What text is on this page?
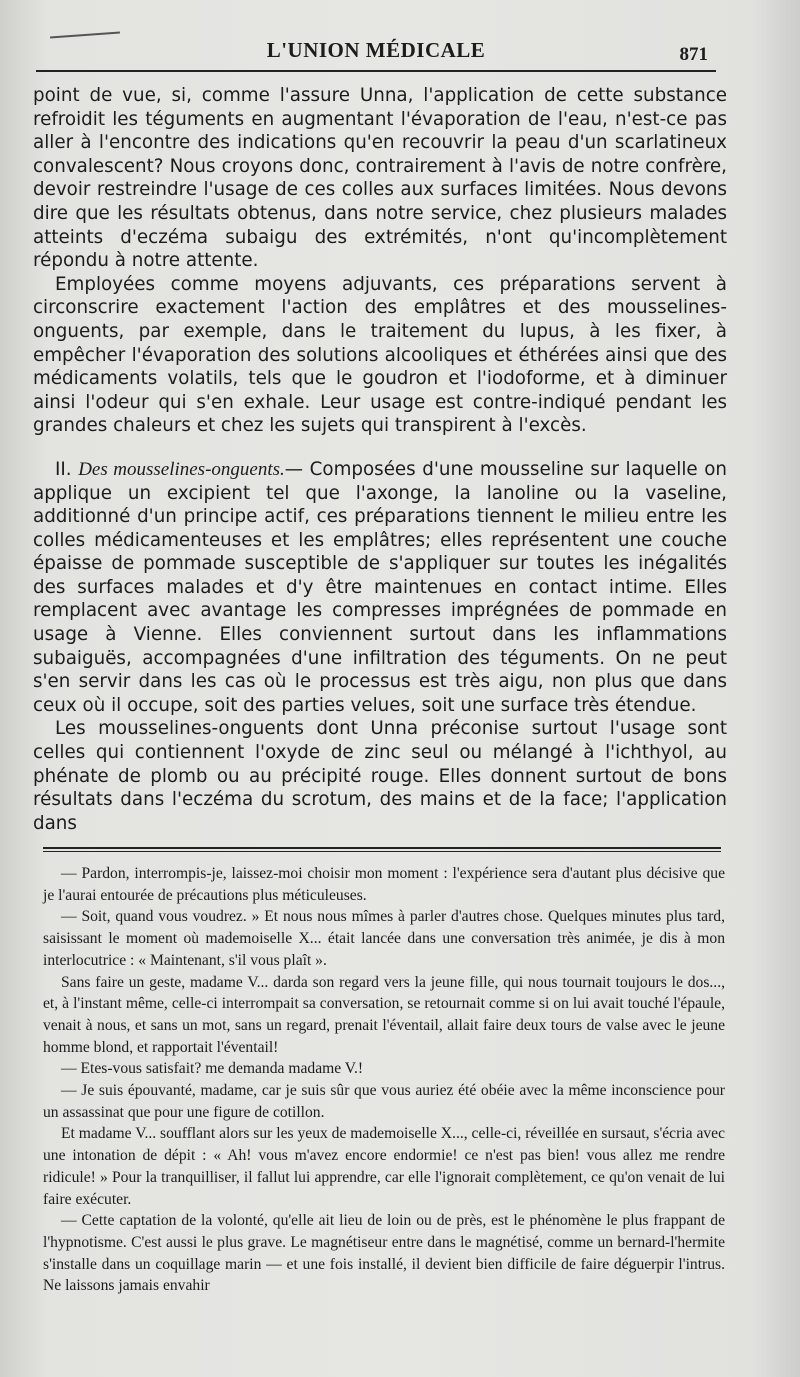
L'UNION MÉDICALE	871

point de vue, si, comme l'assure Unna, l'application de cette substance refroidit les téguments en augmentant l'évaporation de l'eau, n'est-ce pas aller à l'encontre des indications qu'en recouvrir la peau d'un scarlatineux convalescent? Nous croyons donc, contrairement à l'avis de notre confrère, devoir restreindre l'usage de ces colles aux surfaces limitées. Nous devons dire que les résultats obtenus, dans notre service, chez plusieurs malades atteints d'eczéma subaigu des extrémités, n'ont qu'incomplètement répondu à notre attente.

Employées comme moyens adjuvants, ces préparations servent à circonscrire exactement l'action des emplâtres et des mousselines-onguents, par exemple, dans le traitement du lupus, à les fixer, à empêcher l'évaporation des solutions alcooliques et éthérées ainsi que des médicaments volatils, tels que le goudron et l'iodoforme, et à diminuer ainsi l'odeur qui s'en exhale. Leur usage est contre-indiqué pendant les grandes chaleurs et chez les sujets qui transpirent à l'excès.

II. Des mousselines-onguents.— Composées d'une mousseline sur laquelle on applique un excipient tel que l'axonge, la lanoline ou la vaseline, additionné d'un principe actif, ces préparations tiennent le milieu entre les colles médicamenteuses et les emplâtres; elles représentent une couche épaisse de pommade susceptible de s'appliquer sur toutes les inégalités des surfaces malades et d'y être maintenues en contact intime. Elles remplacent avec avantage les compresses imprégnées de pommade en usage à Vienne. Elles conviennent surtout dans les inflammations subaiguës, accompagnées d'une infiltration des téguments. On ne peut s'en servir dans les cas où le processus est très aigu, non plus que dans ceux où il occupe, soit des parties velues, soit une surface très étendue.

Les mousselines-onguents dont Unna préconise surtout l'usage sont celles qui contiennent l'oxyde de zinc seul ou mélangé à l'ichthyol, au phénate de plomb ou au précipité rouge. Elles donnent surtout de bons résultats dans l'eczéma du scrotum, des mains et de la face; l'application dans

— Pardon, interrompis-je, laissez-moi choisir mon moment : l'expérience sera d'autant plus décisive que je l'aurai entourée de précautions plus méticuleuses.

— Soit, quand vous voudrez. » Et nous nous mîmes à parler d'autres chose. Quelques minutes plus tard, saisissant le moment où mademoiselle X... était lancée dans une conversation très animée, je dis à mon interlocutrice : « Maintenant, s'il vous plaît ».

Sans faire un geste, madame V... darda son regard vers la jeune fille, qui nous tournait toujours le dos..., et, à l'instant même, celle-ci interrompait sa conversation, se retournait comme si on lui avait touché l'épaule, venait à nous, et sans un mot, sans un regard, prenait l'éventail, allait faire deux tours de valse avec le jeune homme blond, et rapportait l'éventail!

— Etes-vous satisfait? me demanda madame V.!

— Je suis épouvanté, madame, car je suis sûr que vous auriez été obéie avec la même inconscience pour un assassinat que pour une figure de cotillon.

Et madame V... soufflant alors sur les yeux de mademoiselle X..., celle-ci, réveillée en sursaut, s'écria avec une intonation de dépit : « Ah! vous m'avez encore endormie! ce n'est pas bien! vous allez me rendre ridicule! » Pour la tranquilliser, il fallut lui apprendre, car elle l'ignorait complètement, ce qu'on venait de lui faire exécuter.

— Cette captation de la volonté, qu'elle ait lieu de loin ou de près, est le phénomène le plus frappant de l'hypnotisme. C'est aussi le plus grave. Le magnétiseur entre dans le magnétisé, comme un bernard-l'hermite s'installe dans un coquillage marin — et une fois installé, il devient bien difficile de faire déguerpir l'intrus. Ne laissons jamais envahir
